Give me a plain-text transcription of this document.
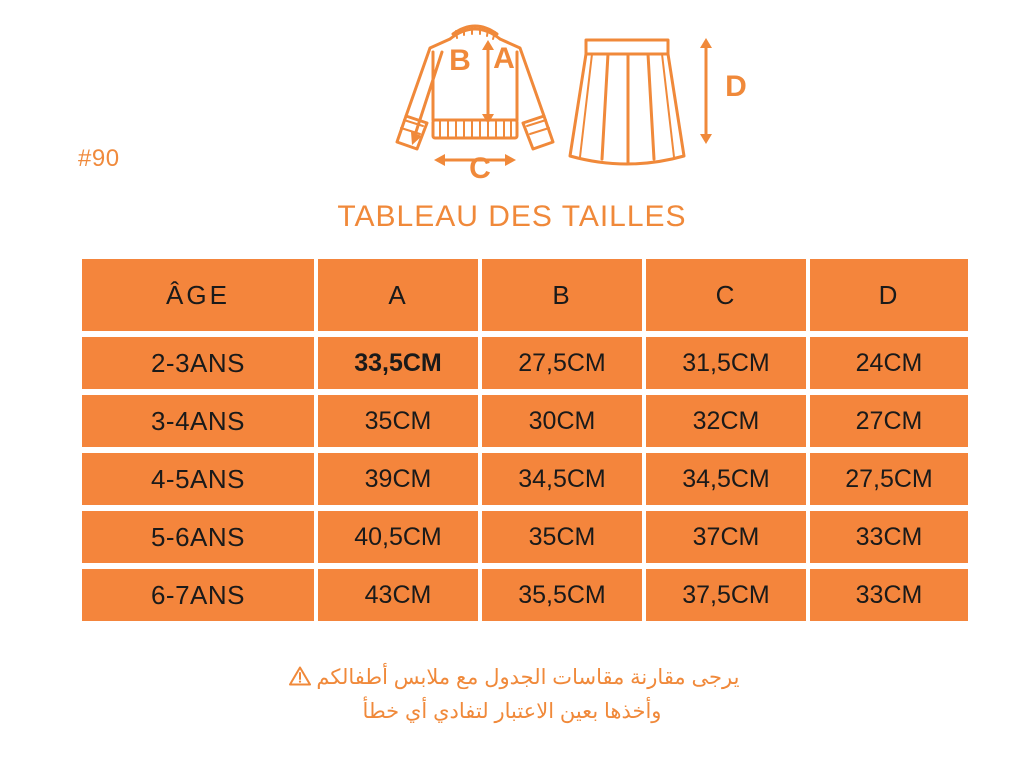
#90
B A
C
D
TABLEAU DES TAILLES
ÂGE	A	B	C	D
2-3ANS	33,5CM	27,5CM	31,5CM	24CM
3-4ANS	35CM	30CM	32CM	27CM
4-5ANS	39CM	34,5CM	34,5CM	27,5CM
5-6ANS	40,5CM	35CM	37CM	33CM
6-7ANS	43CM	35,5CM	37,5CM	33CM
يرجى مقارنة مقاسات الجدول مع ملابس أطفالكم
وأخذها بعين الاعتبار لتفادي أي خطأ
